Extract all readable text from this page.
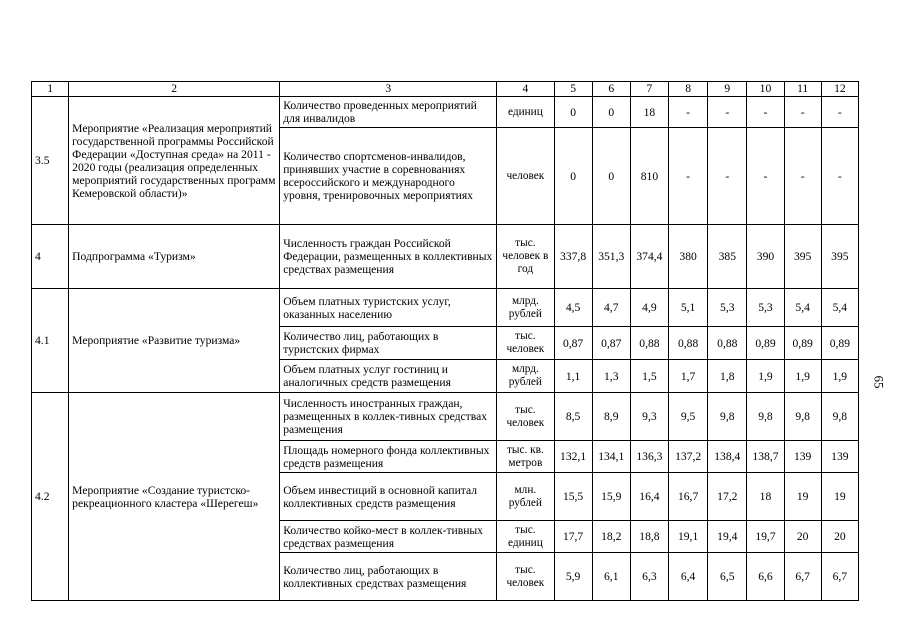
1	2	3	4	5	6	7	8	9	10	11	12
3.5	Мероприятие «Реализация мероприятий государственной программы Российской Федерации «Доступная среда» на 2011 - 2020 годы (реализация определенных мероприятий государственных программ Кемеровской области)»	Количество проведенных мероприятий для инвалидов	единиц	0	0	18	-	-	-	-	-
		Количество спортсменов-инвалидов, принявших участие в соревнованиях всероссийского и международного уровня, тренировочных мероприятиях	человек	0	0	810	-	-	-	-	-
4	Подпрограмма «Туризм»	Численность граждан Российской Федерации, размещенных в коллективных средствах размещения	тыс. человек в год	337,8	351,3	374,4	380	385	390	395	395
4.1	Мероприятие «Развитие туризма»	Объем платных туристских услуг, оказанных населению	млрд. рублей	4,5	4,7	4,9	5,1	5,3	5,3	5,4	5,4
		Количество лиц, работающих в туристских фирмах	тыс. человек	0,87	0,87	0,88	0,88	0,88	0,89	0,89	0,89
		Объем платных услуг гостиниц и аналогичных средств размещения	млрд. рублей	1,1	1,3	1,5	1,7	1,8	1,9	1,9	1,9
4.2	Мероприятие «Создание туристско-рекреационного кластера «Шерегеш»	Численность иностранных граждан, размещенных в коллек-тивных средствах размещения	тыс. человек	8,5	8,9	9,3	9,5	9,8	9,8	9,8	9,8
		Площадь номерного фонда коллективных средств размещения	тыс. кв. метров	132,1	134,1	136,3	137,2	138,4	138,7	139	139
		Объем инвестиций в основной капитал коллективных средств размещения	млн. рублей	15,5	15,9	16,4	16,7	17,2	18	19	19
		Количество койко-мест в коллек-тивных средствах размещения	тыс. единиц	17,7	18,2	18,8	19,1	19,4	19,7	20	20
		Количество лиц, работающих в коллективных средствах размещения	тыс. человек	5,9	6,1	6,3	6,4	6,5	6,6	6,7	6,7
65
